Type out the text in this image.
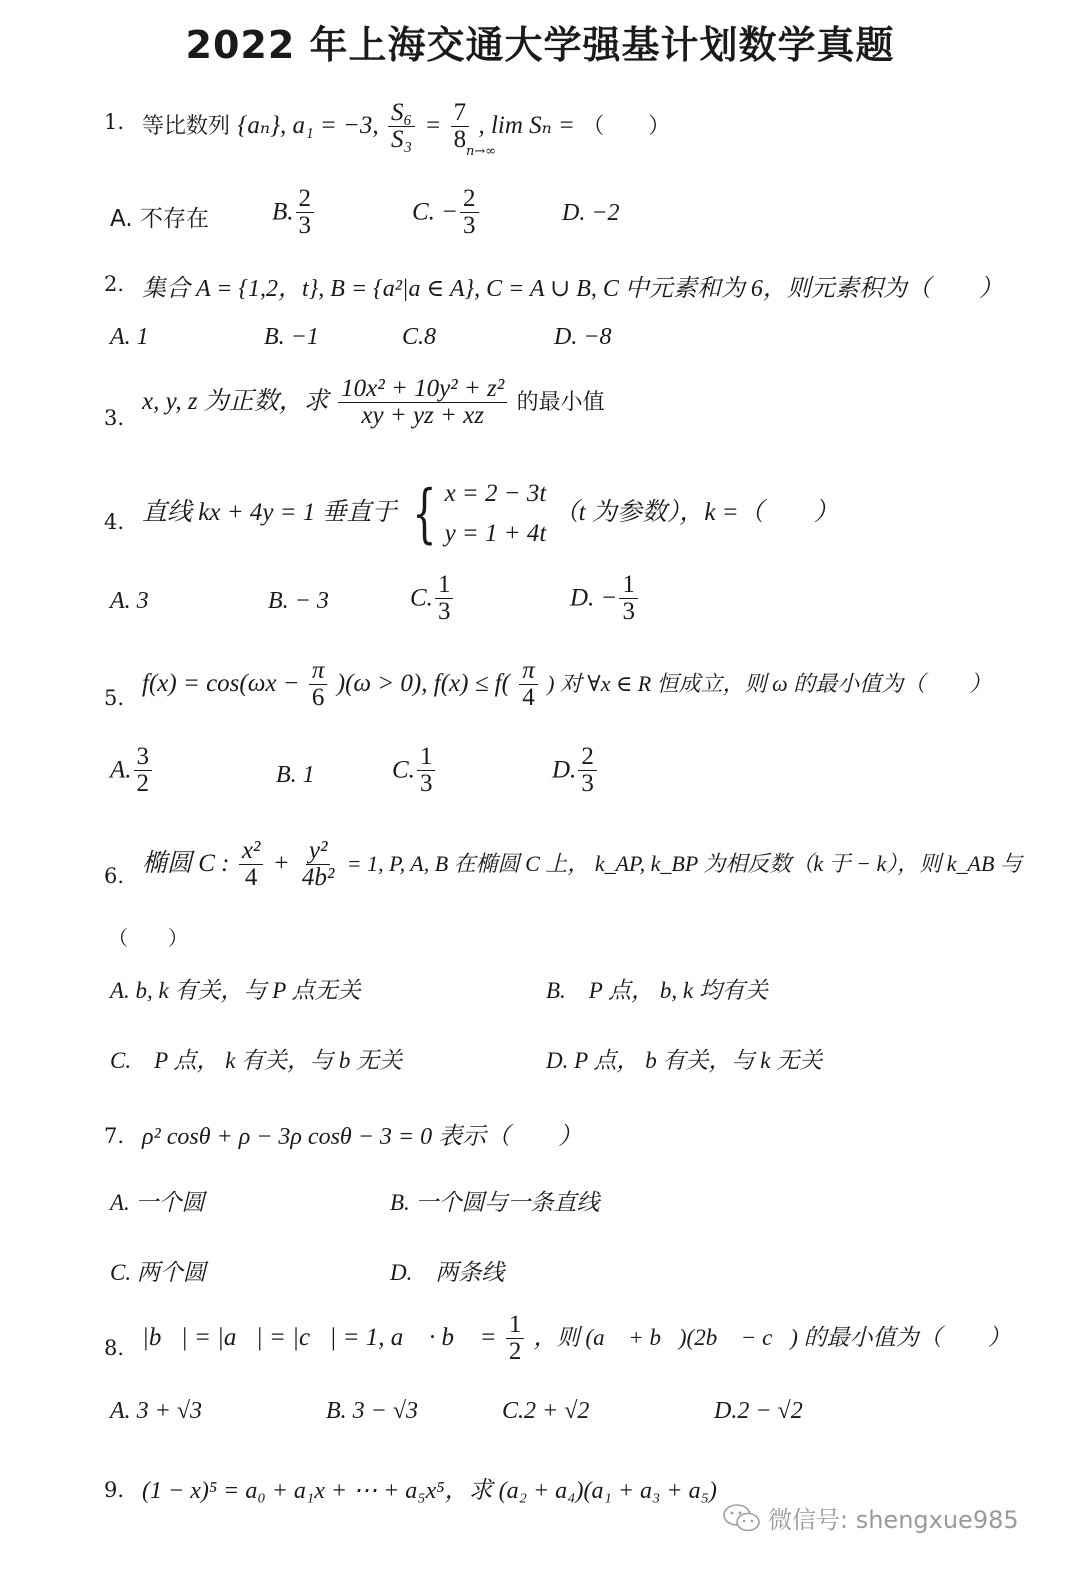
2022 年上海交通大学强基计划数学真题
1. 等比数列 {aₙ}, a₁ = −3, $\frac{\text{S₆}}{\text{S₃}} = \frac{7}{8}$ , lim Sₙ = （　　）
n→∞
A. 不存在	B. $\frac{2}{3}$	C. − $\frac{2}{3}$	D. −2
2. 集合 A = {1,2，t}, B = {a²|a ∈ A}, C = A ∪ B, C 中元素和为 6，则元素积为（　　）
A. 1	B. −1	C.8	D. −8
3.
x, y, z 为正数，求 $\frac{\text{10x² + 10y² + z²}}{xy + yz + xz}$ 的最小值
4. 直线 kx + 4y = 1 垂直于 { x = 2 − 3t
y = 1 + 4t
（t 为参数），k =（　　）
A. 3	B. − 3	C. $\frac{1}{3}$	D. − $\frac{1}{3}$
5.
$f(x) = \cos(\omega x - \frac{\pi}{6} )(\omega > 0)$, $f(x) \le f( \frac{\pi}{4}$ ) 对 ∀x ∈ R 恒成立，则 ω 的最小值为（　　）
A. $\frac{3}{2}$	B. 1	C. $\frac{1}{3}$	D. $\frac{2}{3}$
6. 椭圆 C : $\frac{\text{x²}}{4} + \frac{\text{y²}}{\text{4b²}} = 1$, P, A, B 在椭圆 C 上， k_AP, k_BP 为相反数（k 于 − k），则 k_AB 与
（　　）
A. b, k 有关，与 P 点无关	B.　P 点， b, k 均有关
C.　P 点， k 有关，与 b 无关	D. P 点， b 有关，与 k 无关
7. ρ² cosθ + ρ − 3ρ cosθ − 3 = 0 表示（　　）
A. 一个圆	B. 一个圆与一条直线
C. 两个圆	D.　两条线
8. |b⃗| = |a⃗| = |c⃗| = 1, a⃗ · b⃗ = $\frac{1}{2}$ ，则 (a⃗ + b⃗)(2b⃗ − c⃗) 的最小值为（　　）
A. 3 + √3	B. 3 − √3	C.2 + √2	D.2 − √2
9. (1 − x)⁵ = a₀ + a₁x + ⋯ + a₅x⁵，求 (a₂ + a₄)(a₁ + a₃ + a₅)
微信号: shengxue985
